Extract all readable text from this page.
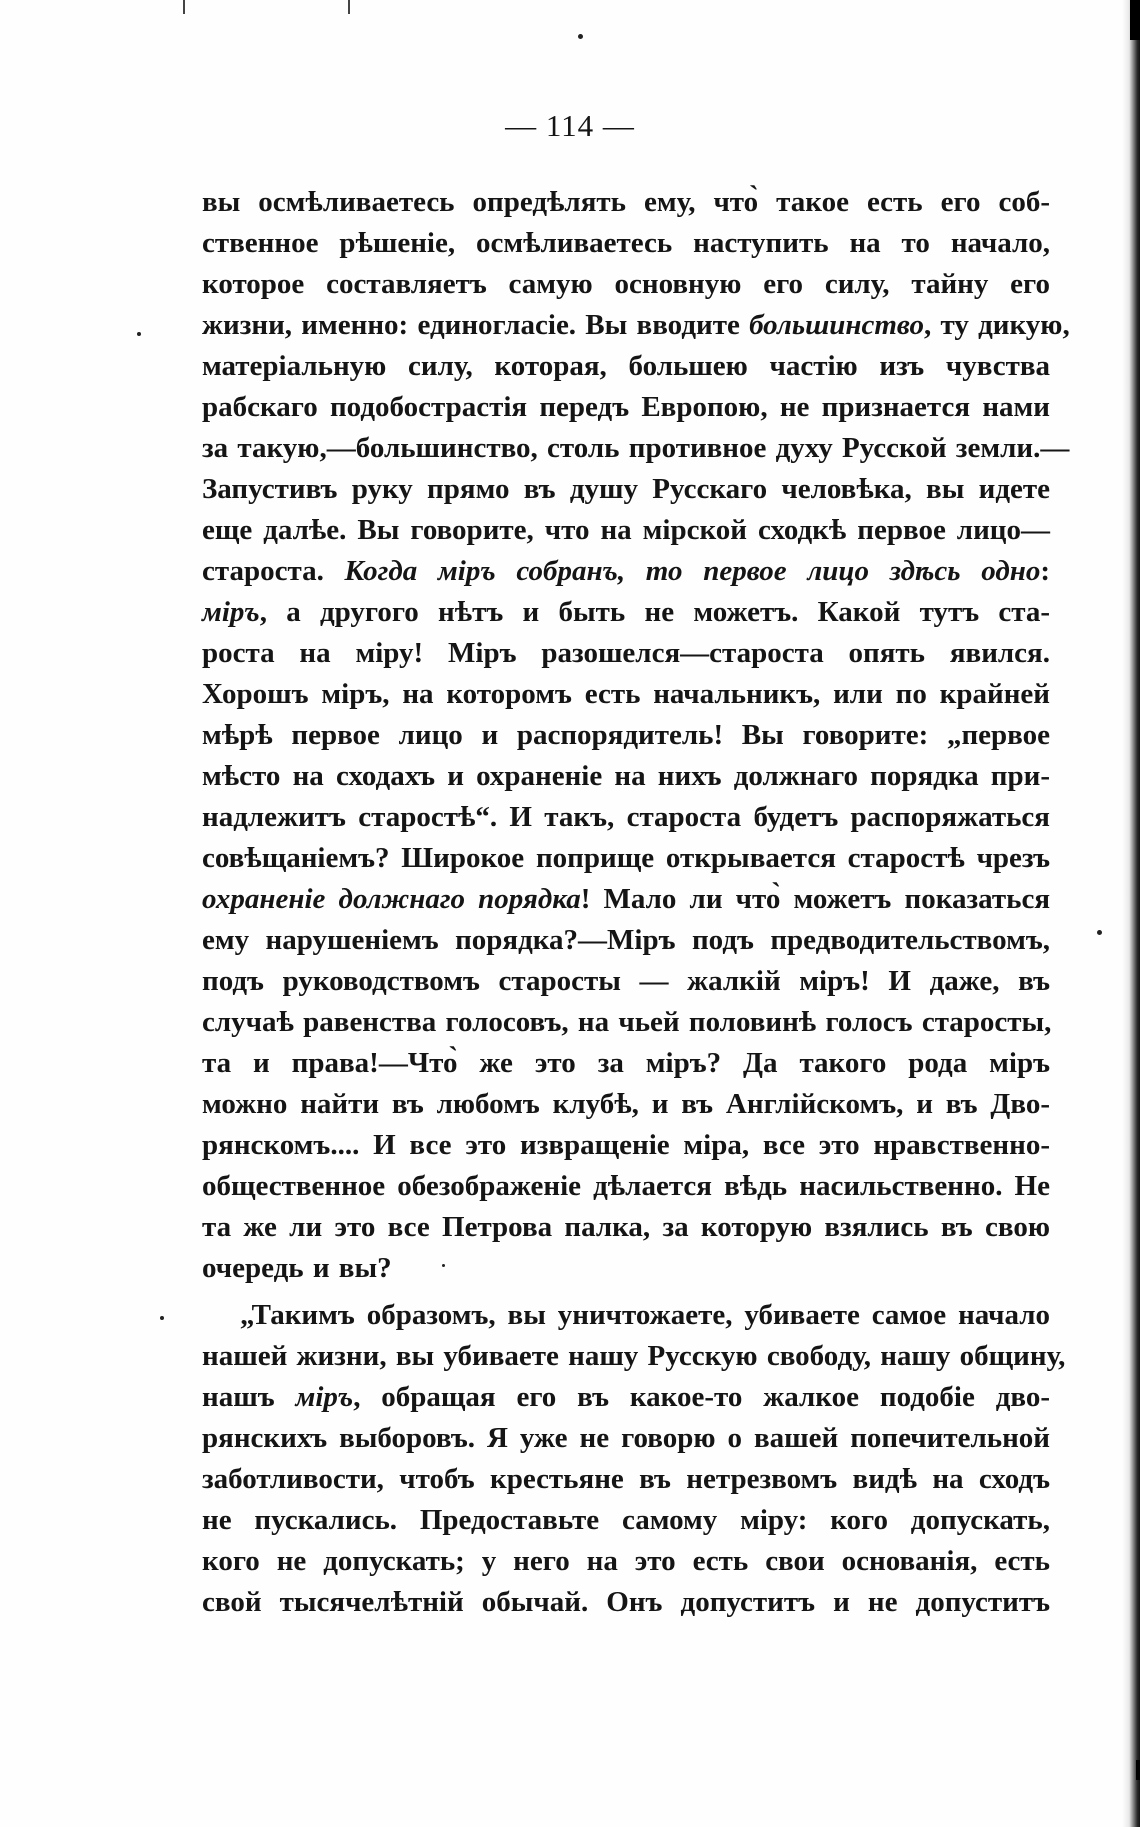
— 114 —
вы осмѣливаетесь опредѣлять ему, что̀ такое есть его соб-
ственное рѣшеніе, осмѣливаетесь наступить на то начало,
которое составляетъ самую основную его силу, тайну его
жизни, именно: единогласіе. Вы вводите большинство, ту дикую,
матеріальную силу, которая, большею частію изъ чувства
рабскаго подобострастія передъ Европою, не признается нами
за такую,—большинство, столь противное духу Русской земли.—
Запустивъ руку прямо въ душу Русскаго человѣка, вы идете
еще далѣе. Вы говорите, что на мірской сходкѣ первое лицо—
староста. Когда міръ собранъ, то первое лицо здѣсь одно:
міръ, а другого нѣтъ и быть не можетъ. Какой тутъ ста-
роста на міру! Міръ разошелся—староста опять явился.
Хорошъ міръ, на которомъ есть начальникъ, или по крайней
мѣрѣ первое лицо и распорядитель! Вы говорите: „первое
мѣсто на сходахъ и охраненіе на нихъ должнаго порядка при-
надлежитъ старостѣ“. И такъ, староста будетъ распоряжаться
совѣщаніемъ? Широкое поприще открывается старостѣ чрезъ
охраненіе должнаго порядка! Мало ли что̀ можетъ показаться
ему нарушеніемъ порядка?—Міръ подъ предводительствомъ,
подъ руководствомъ старосты — жалкій міръ! И даже, въ
случаѣ равенства голосовъ, на чьей половинѣ голосъ старосты,
та и права!—Что̀ же это за міръ? Да такого рода міръ
можно найти въ любомъ клубѣ, и въ Англійскомъ, и въ Дво-
рянскомъ.... И все это извращеніе міра, все это нравственно-
общественное обезображеніе дѣлается вѣдь насильственно. Не
та же ли это все Петрова палка, за которую взялись въ свою
очередь и вы?
„Такимъ образомъ, вы уничтожаете, убиваете самое начало
нашей жизни, вы убиваете нашу Русскую свободу, нашу общину,
нашъ міръ, обращая его въ какое-то жалкое подобіе дво-
рянскихъ выборовъ. Я уже не говорю о вашей попечительной
заботливости, чтобъ крестьяне въ нетрезвомъ видѣ на сходъ
не пускались. Предоставьте самому міру: кого допускать,
кого не допускать; у него на это есть свои основанія, есть
свой тысячелѣтній обычай. Онъ допуститъ и не допуститъ
